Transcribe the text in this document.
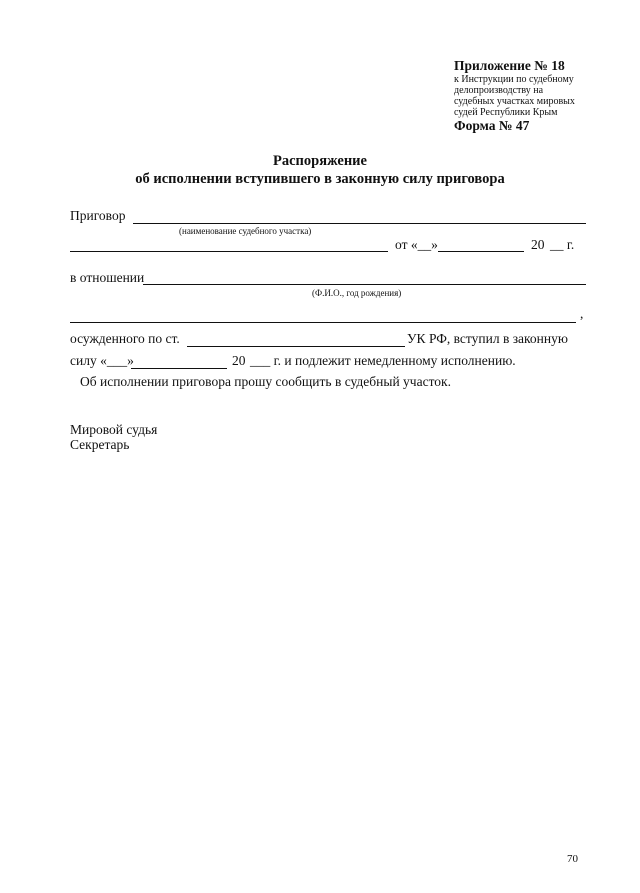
Приложение № 18
к Инструкции по судебному
делопроизводству на
судебных участках мировых
судей Республики Крым
Форма № 47
Распоряжение
об исполнении вступившего в законную силу приговора
Приговор
(наименование судебного участка)
от «__»	20 __ г.
в отношении
(Ф.И.О., год рождения)
,
осужденного по ст.	УК РФ, вступил в законную
силу «___»	20 ___ г. и подлежит немедленному исполнению.
Об исполнении приговора прошу сообщить в судебный участок.
Мировой судья
Секретарь
70
